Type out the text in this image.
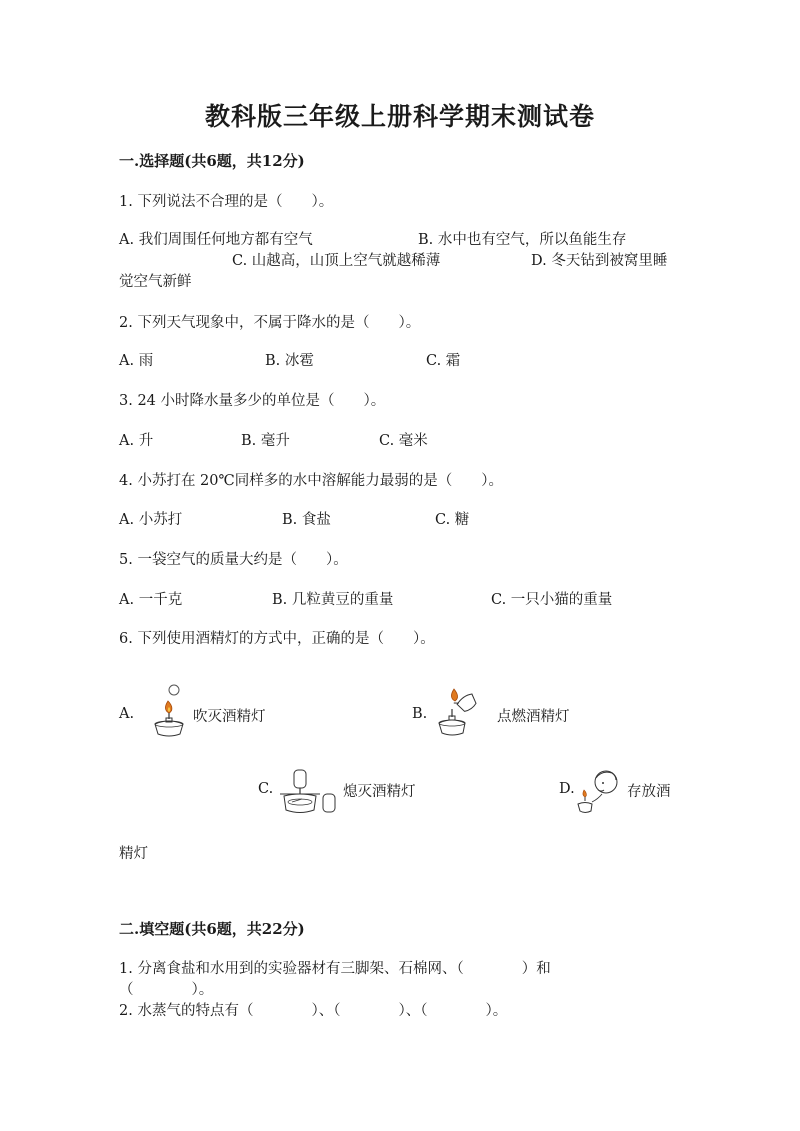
教科版三年级上册科学期末测试卷
一.选择题(共6题，共12分)
1. 下列说法不合理的是（　　）。
A. 我们周围任何地方都有空气	B. 水中也有空气，所以鱼能生存
C. 山越高，山顶上空气就越稀薄	D. 冬天钻到被窝里睡
觉空气新鲜
2. 下列天气现象中，不属于降水的是（　　）。
A. 雨	B. 冰雹	C. 霜
3. 24 小时降水量多少的单位是（　　）。
A. 升	B. 毫升	C. 毫米
4. 小苏打在 20℃同样多的水中溶解能力最弱的是（　　）。
A. 小苏打	B. 食盐	C. 糖
5. 一袋空气的质量大约是（　　）。
A. 一千克	B. 几粒黄豆的重量	C. 一只小猫的重量
6. 下列使用酒精灯的方式中，正确的是（　　）。
A.	吹灭酒精灯	B.	点燃酒精灯
C.	熄灭酒精灯	D.	存放酒
精灯
二.填空题(共6题，共22分)
1. 分离食盐和水用到的实验器材有三脚架、石棉网、（　　　　）和
（　　　　）。
2. 水蒸气的特点有（　　　　）、（　　　　）、（　　　　）。
